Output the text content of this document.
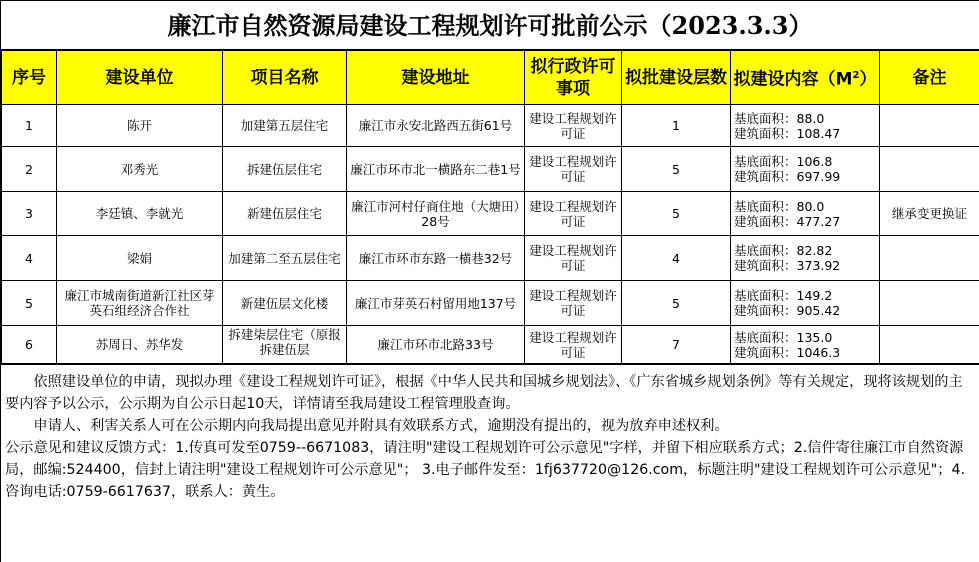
廉江市自然资源局建设工程规划许可批前公示（2023.3.3）
序号	建设单位	项目名称	建设地址	拟行政许可事项	拟批建设层数	拟建设内容$(M^2)$	备注
1	陈开	加建第五层住宅	廉江市永安北路西五街61号	建设工程规划许可证	1	基底面积：88.0
建筑面积：108.47	

2	邓秀光	拆建伍层住宅	廉江市环市北一横路东二巷1号	建设工程规划许可证	5	基底面积：106.8
建筑面积：697.99	

3	李廷镇、李就光	新建伍层住宅	廉江市河村仔商住地（大塘田）28号	建设工程规划许可证	5	基底面积：80.0
建筑面积：477.27	继承变更换证
4	梁娟	加建第二至五层住宅	廉江市环市东路一横巷32号	建设工程规划许可证	4	基底面积：82.82
建筑面积：373.92	

5	廉江市城南街道新江社区芽英石组经济合作社	新建伍层文化楼	廉江市芽英石村留用地137号	建设工程规划许可证	5	基底面积：149.2
建筑面积：905.42	

6	苏周日、苏华发	拆建柒层住宅（原报拆建伍层	廉江市环市北路33号	建设工程规划许可证	7	基底面积：135.0
建筑面积：1046.3	

依照建设单位的申请，现拟办理《建设工程规划许可证》，根据《中华人民共和国城乡规划法》、《广东省城乡规划条例》等有关规定，现将该规划的主要内容予以公示，公示期为自公示日起10天，详情请至我局建设工程管理股查询。

申请人、利害关系人可在公示期内向我局提出意见并附具有效联系方式，逾期没有提出的，视为放弃申述权利。

公示意见和建议反馈方式：1.传真可发至0759--6671083，请注明"建设工程规划许可公示意见"字样，并留下相应联系方式；2.信件寄往廉江市自然资源局，邮编:524400，信封上请注明"建设工程规划许可公示意见"； 3.电子邮件发至：1fj637720@126.com，标题注明"建设工程规划许可公示意见"；4.咨询电话:0759-6617637，联系人：黄生。
